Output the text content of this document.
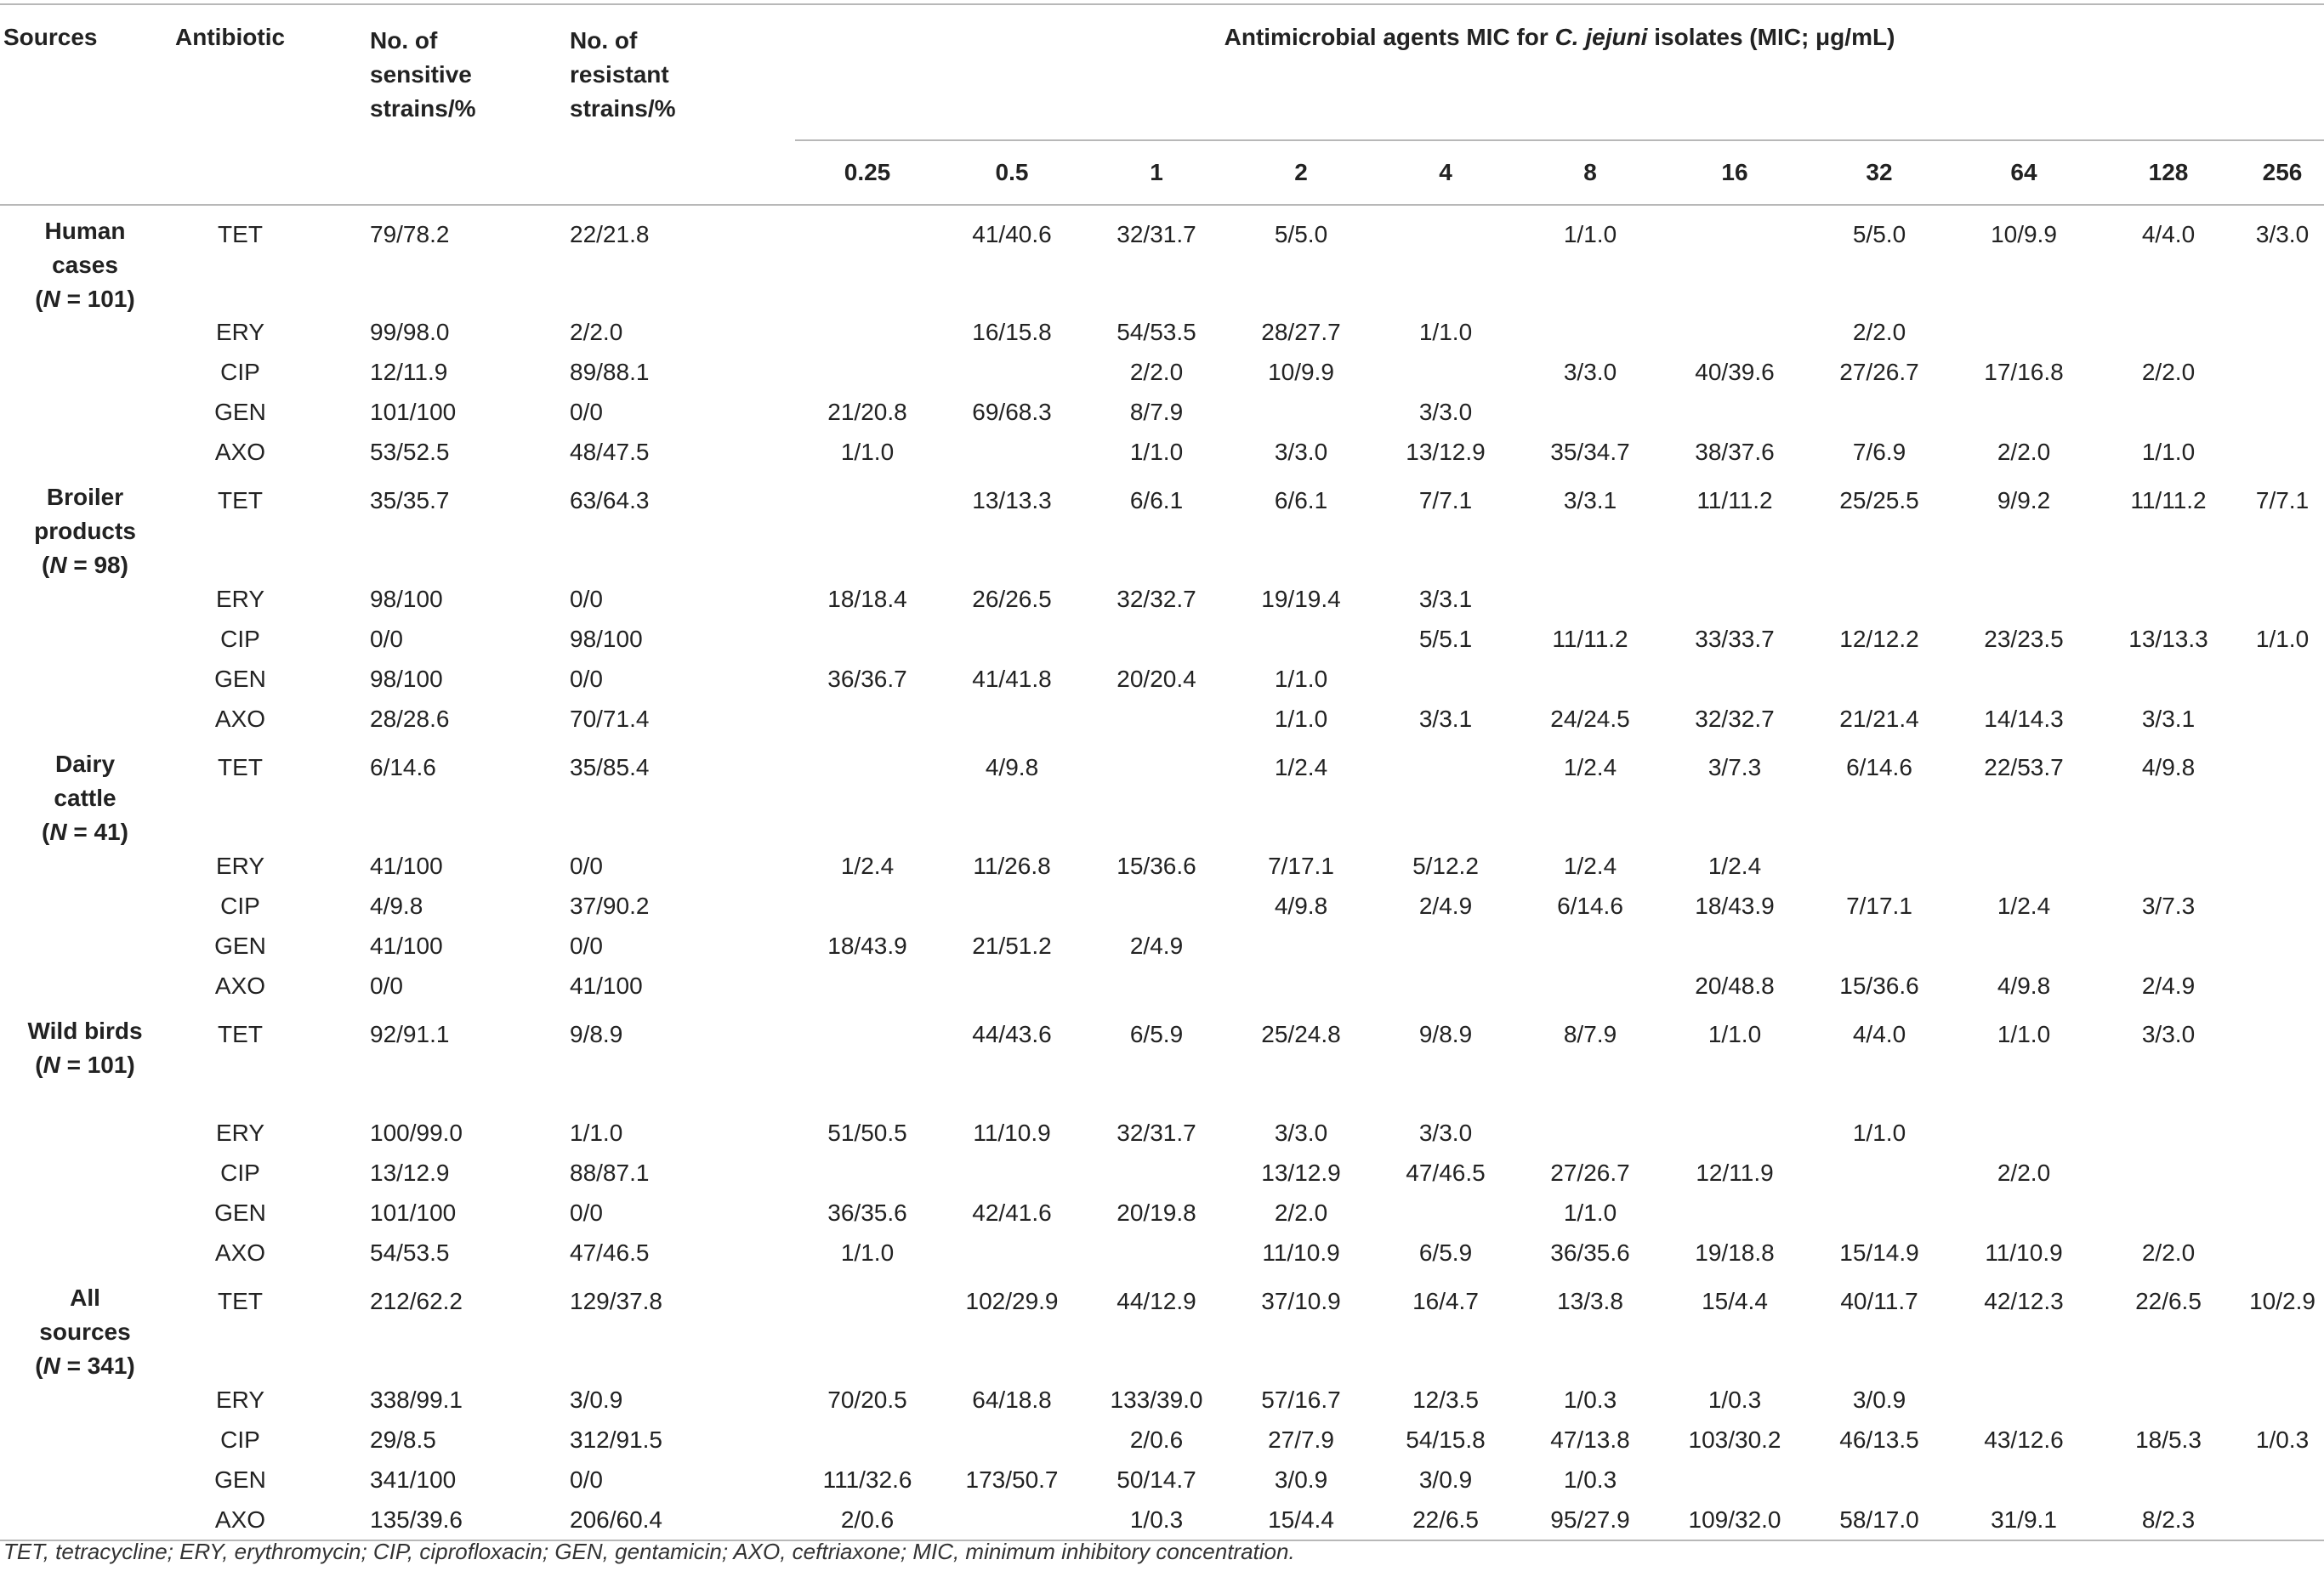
Sources	Antibiotic	No. of
sensitive
strains/%	No. of
resistant
strains/%	Antimicrobial agents MIC for C. jejuni isolates (MIC; μg/mL)										
				0.25	0.5	1	2	4	8	16	32	64	128	256
Human
cases
(N = 101)	TET	79/78.2	22/21.8		41/40.6	32/31.7	5/5.0		1/1.0		5/5.0	10/9.9	4/4.0	3/3.0
	ERY	99/98.0	2/2.0		16/15.8	54/53.5	28/27.7	1/1.0			2/2.0			
	CIP	12/11.9	89/88.1			2/2.0	10/9.9		3/3.0	40/39.6	27/26.7	17/16.8	2/2.0	
	GEN	101/100	0/0	21/20.8	69/68.3	8/7.9		3/3.0						
	AXO	53/52.5	48/47.5	1/1.0		1/1.0	3/3.0	13/12.9	35/34.7	38/37.6	7/6.9	2/2.0	1/1.0	
Broiler
products
(N = 98)	TET	35/35.7	63/64.3		13/13.3	6/6.1	6/6.1	7/7.1	3/3.1	11/11.2	25/25.5	9/9.2	11/11.2	7/7.1
	ERY	98/100	0/0	18/18.4	26/26.5	32/32.7	19/19.4	3/3.1						
	CIP	0/0	98/100					5/5.1	11/11.2	33/33.7	12/12.2	23/23.5	13/13.3	1/1.0
	GEN	98/100	0/0	36/36.7	41/41.8	20/20.4	1/1.0							
	AXO	28/28.6	70/71.4				1/1.0	3/3.1	24/24.5	32/32.7	21/21.4	14/14.3	3/3.1	
Dairy
cattle
(N = 41)	TET	6/14.6	35/85.4		4/9.8		1/2.4		1/2.4	3/7.3	6/14.6	22/53.7	4/9.8	
	ERY	41/100	0/0	1/2.4	11/26.8	15/36.6	7/17.1	5/12.2	1/2.4	1/2.4				
	CIP	4/9.8	37/90.2				4/9.8	2/4.9	6/14.6	18/43.9	7/17.1	1/2.4	3/7.3	
	GEN	41/100	0/0	18/43.9	21/51.2	2/4.9								
	AXO	0/0	41/100							20/48.8	15/36.6	4/9.8	2/4.9	
Wild birds
(N = 101)	TET	92/91.1	9/8.9		44/43.6	6/5.9	25/24.8	9/8.9	8/7.9	1/1.0	4/4.0	1/1.0	3/3.0	
	ERY	100/99.0	1/1.0	51/50.5	11/10.9	32/31.7	3/3.0	3/3.0			1/1.0			
	CIP	13/12.9	88/87.1				13/12.9	47/46.5	27/26.7	12/11.9		2/2.0		
	GEN	101/100	0/0	36/35.6	42/41.6	20/19.8	2/2.0		1/1.0					
	AXO	54/53.5	47/46.5	1/1.0			11/10.9	6/5.9	36/35.6	19/18.8	15/14.9	11/10.9	2/2.0	
All
sources
(N = 341)	TET	212/62.2	129/37.8		102/29.9	44/12.9	37/10.9	16/4.7	13/3.8	15/4.4	40/11.7	42/12.3	22/6.5	10/2.9
	ERY	338/99.1	3/0.9	70/20.5	64/18.8	133/39.0	57/16.7	12/3.5	1/0.3	1/0.3	3/0.9			
	CIP	29/8.5	312/91.5			2/0.6	27/7.9	54/15.8	47/13.8	103/30.2	46/13.5	43/12.6	18/5.3	1/0.3
	GEN	341/100	0/0	111/32.6	173/50.7	50/14.7	3/0.9	3/0.9	1/0.3					
	AXO	135/39.6	206/60.4	2/0.6		1/0.3	15/4.4	22/6.5	95/27.9	109/32.0	58/17.0	31/9.1	8/2.3	
TET, tetracycline; ERY, erythromycin; CIP, ciprofloxacin; GEN, gentamicin; AXO, ceftriaxone; MIC, minimum inhibitory concentration.
